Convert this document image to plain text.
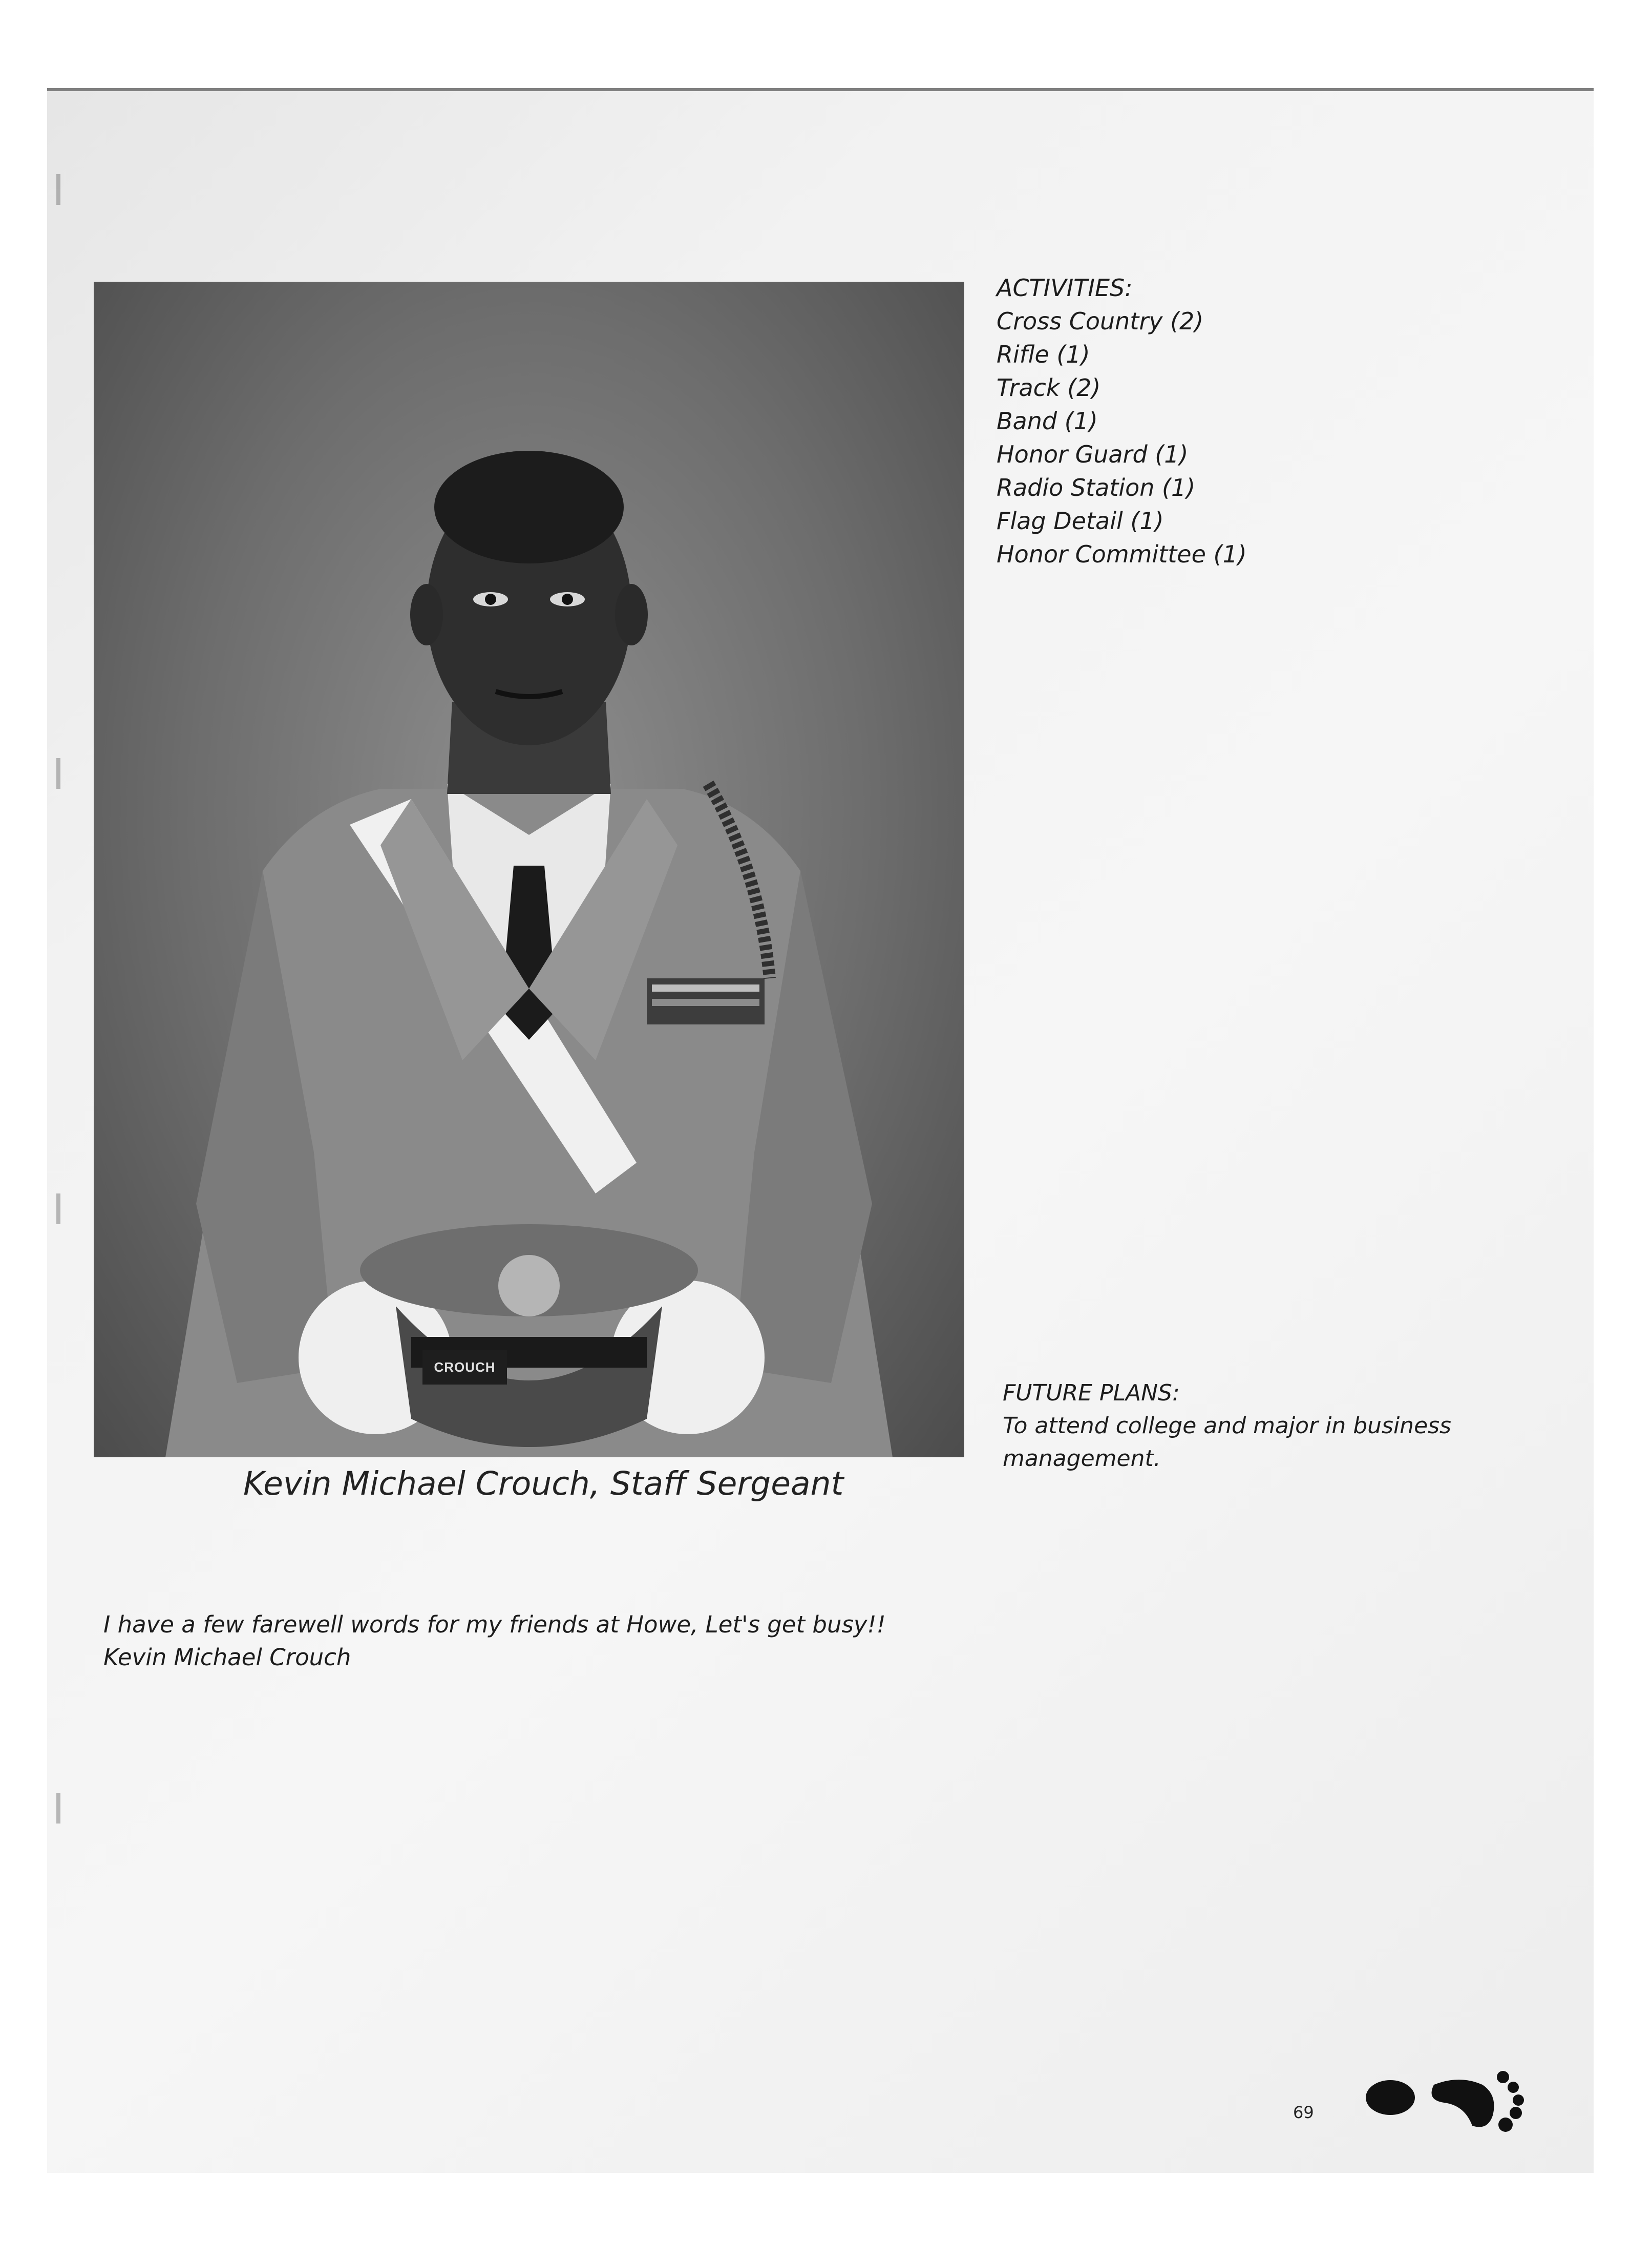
CROUCH
Kevin Michael Crouch, Staff Sergeant
ACTIVITIES:
Cross Country (2)
Rifle (1)
Track (2)
Band (1)
Honor Guard (1)
Radio Station (1)
Flag Detail (1)
Honor Committee (1)
FUTURE PLANS:
To attend college and major in business management.
I have a few farewell words for my friends at Howe, Let's get busy!!
Kevin Michael Crouch
69
